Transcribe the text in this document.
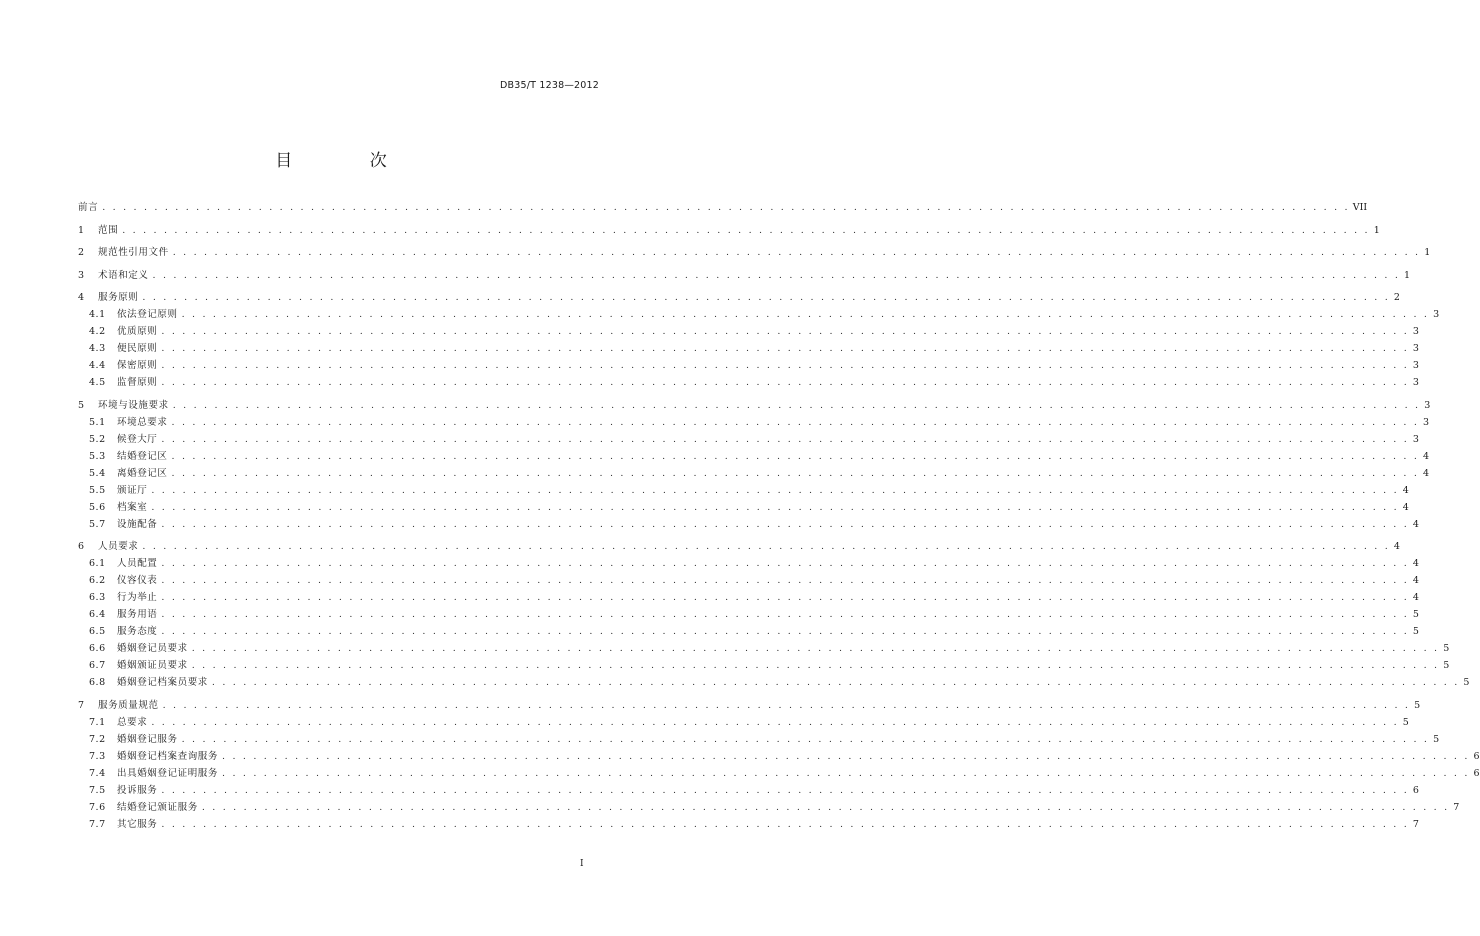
DB35/T 1238—2012
目 次
前言 . . . . . . . . . . . . . . . . . . . . . . . . . . . . . . . . . . . . . . . . . . . . . . . . . . . . . . . . . . . . . . . . . . . . . . . . . . . . . . . . . . . . . . . . . . . . . . . . . . . . . . . . . . . . . . . . . . . . . . . . VII
1	范围 . . . . . . . . . . . . . . . . . . . . . . . . . . . . . . . . . . . . . . . . . . . . . . . . . . . . . . . . . . . . . . . . . . . . . . . . . . . . . . . . . . . . . . . . . . . . . . . . . . . . . . . . . . . . . . . . . . . . . . . . 1
2	规范性引用文件 . . . . . . . . . . . . . . . . . . . . . . . . . . . . . . . . . . . . . . . . . . . . . . . . . . . . . . . . . . . . . . . . . . . . . . . . . . . . . . . . . . . . . . . . . . . . . . . . . . . . . . . . . . . . . . . . . . . . . . . . 1
3	术语和定义 . . . . . . . . . . . . . . . . . . . . . . . . . . . . . . . . . . . . . . . . . . . . . . . . . . . . . . . . . . . . . . . . . . . . . . . . . . . . . . . . . . . . . . . . . . . . . . . . . . . . . . . . . . . . . . . . . . . . . . . . 1
4	服务原则 . . . . . . . . . . . . . . . . . . . . . . . . . . . . . . . . . . . . . . . . . . . . . . . . . . . . . . . . . . . . . . . . . . . . . . . . . . . . . . . . . . . . . . . . . . . . . . . . . . . . . . . . . . . . . . . . . . . . . . . . 2
4.1	依法登记原则 . . . . . . . . . . . . . . . . . . . . . . . . . . . . . . . . . . . . . . . . . . . . . . . . . . . . . . . . . . . . . . . . . . . . . . . . . . . . . . . . . . . . . . . . . . . . . . . . . . . . . . . . . . . . . . . . . . . . . . . . 3
4.2	优质原则 . . . . . . . . . . . . . . . . . . . . . . . . . . . . . . . . . . . . . . . . . . . . . . . . . . . . . . . . . . . . . . . . . . . . . . . . . . . . . . . . . . . . . . . . . . . . . . . . . . . . . . . . . . . . . . . . . . . . . . . . 3
4.3	便民原则 . . . . . . . . . . . . . . . . . . . . . . . . . . . . . . . . . . . . . . . . . . . . . . . . . . . . . . . . . . . . . . . . . . . . . . . . . . . . . . . . . . . . . . . . . . . . . . . . . . . . . . . . . . . . . . . . . . . . . . . . 3
4.4	保密原则 . . . . . . . . . . . . . . . . . . . . . . . . . . . . . . . . . . . . . . . . . . . . . . . . . . . . . . . . . . . . . . . . . . . . . . . . . . . . . . . . . . . . . . . . . . . . . . . . . . . . . . . . . . . . . . . . . . . . . . . . 3
4.5	监督原则 . . . . . . . . . . . . . . . . . . . . . . . . . . . . . . . . . . . . . . . . . . . . . . . . . . . . . . . . . . . . . . . . . . . . . . . . . . . . . . . . . . . . . . . . . . . . . . . . . . . . . . . . . . . . . . . . . . . . . . . . 3
5	环境与设施要求 . . . . . . . . . . . . . . . . . . . . . . . . . . . . . . . . . . . . . . . . . . . . . . . . . . . . . . . . . . . . . . . . . . . . . . . . . . . . . . . . . . . . . . . . . . . . . . . . . . . . . . . . . . . . . . . . . . . . . . . . 3
5.1	环境总要求 . . . . . . . . . . . . . . . . . . . . . . . . . . . . . . . . . . . . . . . . . . . . . . . . . . . . . . . . . . . . . . . . . . . . . . . . . . . . . . . . . . . . . . . . . . . . . . . . . . . . . . . . . . . . . . . . . . . . . . . . 3
5.2	候登大厅 . . . . . . . . . . . . . . . . . . . . . . . . . . . . . . . . . . . . . . . . . . . . . . . . . . . . . . . . . . . . . . . . . . . . . . . . . . . . . . . . . . . . . . . . . . . . . . . . . . . . . . . . . . . . . . . . . . . . . . . . 3
5.3	结婚登记区 . . . . . . . . . . . . . . . . . . . . . . . . . . . . . . . . . . . . . . . . . . . . . . . . . . . . . . . . . . . . . . . . . . . . . . . . . . . . . . . . . . . . . . . . . . . . . . . . . . . . . . . . . . . . . . . . . . . . . . . . 4
5.4	离婚登记区 . . . . . . . . . . . . . . . . . . . . . . . . . . . . . . . . . . . . . . . . . . . . . . . . . . . . . . . . . . . . . . . . . . . . . . . . . . . . . . . . . . . . . . . . . . . . . . . . . . . . . . . . . . . . . . . . . . . . . . . . 4
5.5	颁证厅 . . . . . . . . . . . . . . . . . . . . . . . . . . . . . . . . . . . . . . . . . . . . . . . . . . . . . . . . . . . . . . . . . . . . . . . . . . . . . . . . . . . . . . . . . . . . . . . . . . . . . . . . . . . . . . . . . . . . . . . . 4
5.6	档案室 . . . . . . . . . . . . . . . . . . . . . . . . . . . . . . . . . . . . . . . . . . . . . . . . . . . . . . . . . . . . . . . . . . . . . . . . . . . . . . . . . . . . . . . . . . . . . . . . . . . . . . . . . . . . . . . . . . . . . . . . 4
5.7	设施配备 . . . . . . . . . . . . . . . . . . . . . . . . . . . . . . . . . . . . . . . . . . . . . . . . . . . . . . . . . . . . . . . . . . . . . . . . . . . . . . . . . . . . . . . . . . . . . . . . . . . . . . . . . . . . . . . . . . . . . . . . 4
6	人员要求 . . . . . . . . . . . . . . . . . . . . . . . . . . . . . . . . . . . . . . . . . . . . . . . . . . . . . . . . . . . . . . . . . . . . . . . . . . . . . . . . . . . . . . . . . . . . . . . . . . . . . . . . . . . . . . . . . . . . . . . . 4
6.1	人员配置 . . . . . . . . . . . . . . . . . . . . . . . . . . . . . . . . . . . . . . . . . . . . . . . . . . . . . . . . . . . . . . . . . . . . . . . . . . . . . . . . . . . . . . . . . . . . . . . . . . . . . . . . . . . . . . . . . . . . . . . . 4
6.2	仪容仪表 . . . . . . . . . . . . . . . . . . . . . . . . . . . . . . . . . . . . . . . . . . . . . . . . . . . . . . . . . . . . . . . . . . . . . . . . . . . . . . . . . . . . . . . . . . . . . . . . . . . . . . . . . . . . . . . . . . . . . . . . 4
6.3	行为举止 . . . . . . . . . . . . . . . . . . . . . . . . . . . . . . . . . . . . . . . . . . . . . . . . . . . . . . . . . . . . . . . . . . . . . . . . . . . . . . . . . . . . . . . . . . . . . . . . . . . . . . . . . . . . . . . . . . . . . . . . 4
6.4	服务用语 . . . . . . . . . . . . . . . . . . . . . . . . . . . . . . . . . . . . . . . . . . . . . . . . . . . . . . . . . . . . . . . . . . . . . . . . . . . . . . . . . . . . . . . . . . . . . . . . . . . . . . . . . . . . . . . . . . . . . . . . 5
6.5	服务态度 . . . . . . . . . . . . . . . . . . . . . . . . . . . . . . . . . . . . . . . . . . . . . . . . . . . . . . . . . . . . . . . . . . . . . . . . . . . . . . . . . . . . . . . . . . . . . . . . . . . . . . . . . . . . . . . . . . . . . . . . 5
6.6	婚姻登记员要求 . . . . . . . . . . . . . . . . . . . . . . . . . . . . . . . . . . . . . . . . . . . . . . . . . . . . . . . . . . . . . . . . . . . . . . . . . . . . . . . . . . . . . . . . . . . . . . . . . . . . . . . . . . . . . . . . . . . . . . . . 5
6.7	婚姻颁证员要求 . . . . . . . . . . . . . . . . . . . . . . . . . . . . . . . . . . . . . . . . . . . . . . . . . . . . . . . . . . . . . . . . . . . . . . . . . . . . . . . . . . . . . . . . . . . . . . . . . . . . . . . . . . . . . . . . . . . . . . . . 5
6.8	婚姻登记档案员要求 . . . . . . . . . . . . . . . . . . . . . . . . . . . . . . . . . . . . . . . . . . . . . . . . . . . . . . . . . . . . . . . . . . . . . . . . . . . . . . . . . . . . . . . . . . . . . . . . . . . . . . . . . . . . . . . . . . . . . . . . 5
7	服务质量规范 . . . . . . . . . . . . . . . . . . . . . . . . . . . . . . . . . . . . . . . . . . . . . . . . . . . . . . . . . . . . . . . . . . . . . . . . . . . . . . . . . . . . . . . . . . . . . . . . . . . . . . . . . . . . . . . . . . . . . . . . 5
7.1	总要求 . . . . . . . . . . . . . . . . . . . . . . . . . . . . . . . . . . . . . . . . . . . . . . . . . . . . . . . . . . . . . . . . . . . . . . . . . . . . . . . . . . . . . . . . . . . . . . . . . . . . . . . . . . . . . . . . . . . . . . . . 5
7.2	婚姻登记服务 . . . . . . . . . . . . . . . . . . . . . . . . . . . . . . . . . . . . . . . . . . . . . . . . . . . . . . . . . . . . . . . . . . . . . . . . . . . . . . . . . . . . . . . . . . . . . . . . . . . . . . . . . . . . . . . . . . . . . . . . 5
7.3	婚姻登记档案查询服务 . . . . . . . . . . . . . . . . . . . . . . . . . . . . . . . . . . . . . . . . . . . . . . . . . . . . . . . . . . . . . . . . . . . . . . . . . . . . . . . . . . . . . . . . . . . . . . . . . . . . . . . . . . . . . . . . . . . . . . . . 6
7.4	出具婚姻登记证明服务 . . . . . . . . . . . . . . . . . . . . . . . . . . . . . . . . . . . . . . . . . . . . . . . . . . . . . . . . . . . . . . . . . . . . . . . . . . . . . . . . . . . . . . . . . . . . . . . . . . . . . . . . . . . . . . . . . . . . . . . . 6
7.5	投诉服务 . . . . . . . . . . . . . . . . . . . . . . . . . . . . . . . . . . . . . . . . . . . . . . . . . . . . . . . . . . . . . . . . . . . . . . . . . . . . . . . . . . . . . . . . . . . . . . . . . . . . . . . . . . . . . . . . . . . . . . . . 6
7.6	结婚登记颁证服务 . . . . . . . . . . . . . . . . . . . . . . . . . . . . . . . . . . . . . . . . . . . . . . . . . . . . . . . . . . . . . . . . . . . . . . . . . . . . . . . . . . . . . . . . . . . . . . . . . . . . . . . . . . . . . . . . . . . . . . . . 7
7.7	其它服务 . . . . . . . . . . . . . . . . . . . . . . . . . . . . . . . . . . . . . . . . . . . . . . . . . . . . . . . . . . . . . . . . . . . . . . . . . . . . . . . . . . . . . . . . . . . . . . . . . . . . . . . . . . . . . . . . . . . . . . . . 7
I
